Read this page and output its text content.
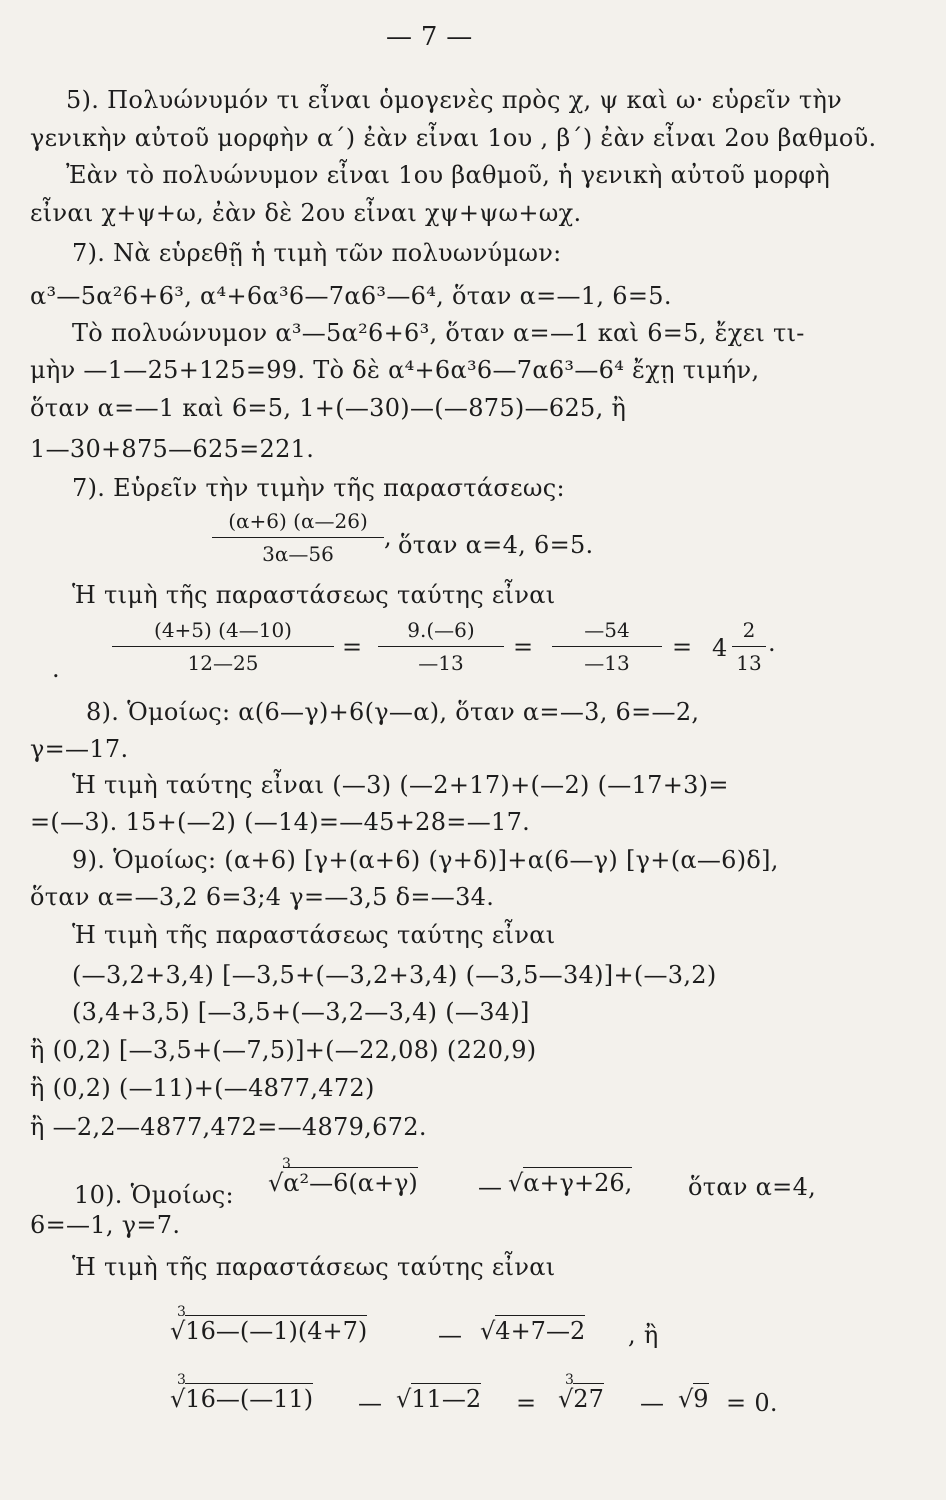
— 7 —
5). Πολυώνυμόν τι εἶναι ὁμογενὲς πρὸς χ, ψ καὶ ω· εὑρεῖν τὴν
γενικὴν αὐτοῦ μορφὴν α΄) ἐὰν εἶναι 1ου , β΄) ἐὰν εἶναι 2ου βαθμοῦ.
Ἐὰν τὸ πολυώνυμον εἶναι 1ου βαθμοῦ, ἡ γενικὴ αὐτοῦ μορφὴ
εἶναι χ+ψ+ω, ἐὰν δὲ 2ου εἶναι χψ+ψω+ωχ.
7). Νὰ εὑρεθῇ ἡ τιμὴ τῶν πολυωνύμων:
α³—5α²6+6³, α⁴+6α³6—7α6³—6⁴, ὅταν α=—1, 6=5.
Τὸ πολυώνυμον α³—5α²6+6³, ὅταν α=—1 καὶ 6=5, ἔχει τι-
μὴν —1—25+125=99. Τὸ δὲ α⁴+6α³6—7α6³—6⁴ ἔχῃ τιμήν,
ὅταν α=—1 καὶ 6=5, 1+(—30)—(—875)—625, ἢ
1—30+875—625=221.
7). Εὑρεῖν τὴν τιμὴν τῆς παραστάσεως:
(α+6) (α—26)
3α—56
, ὅταν α=4, 6=5.
Ἡ τιμὴ τῆς παραστάσεως ταύτης εἶναι
.
(4+5) (4—10)
12—25
=
9.(—6)
—13
=
—54
—13
= 4
2
13
.
8). Ὁμοίως: α(6—γ)+6(γ—α), ὅταν α=—3, 6=—2,
γ=—17.
Ἡ τιμὴ ταύτης εἶναι (—3) (—2+17)+(—2) (—17+3)=
=(—3). 15+(—2) (—14)=—45+28=—17.
9). Ὁμοίως: (α+6) [γ+(α+6) (γ+δ)]+α(6—γ) [γ+(α—6)δ],
ὅταν α=—3,2 6=3;4 γ=—3,5 δ=—34.
Ἡ τιμὴ τῆς παραστάσεως ταύτης εἶναι
(—3,2+3,4) [—3,5+(—3,2+3,4) (—3,5—34)]+(—3,2)
(3,4+3,5) [—3,5+(—3,2—3,4) (—34)]
ἢ (0,2) [—3,5+(—7,5)]+(—22,08) (220,9)
ἢ (0,2) (—11)+(—4877,472)
ἢ —2,2—4877,472=—4879,672.
10). Ὁμοίως:
3
√α²—6(α+γ)	— √α+γ+26, ὅταν α=4,
6=—1, γ=7.
Ἡ τιμὴ τῆς παραστάσεως ταύτης εἶναι
3
√16—(—1)(4+7)	— √4+7—2 , ἢ
3
√16—(—11) — √11—2 =
3
√27 — √9 = 0.
